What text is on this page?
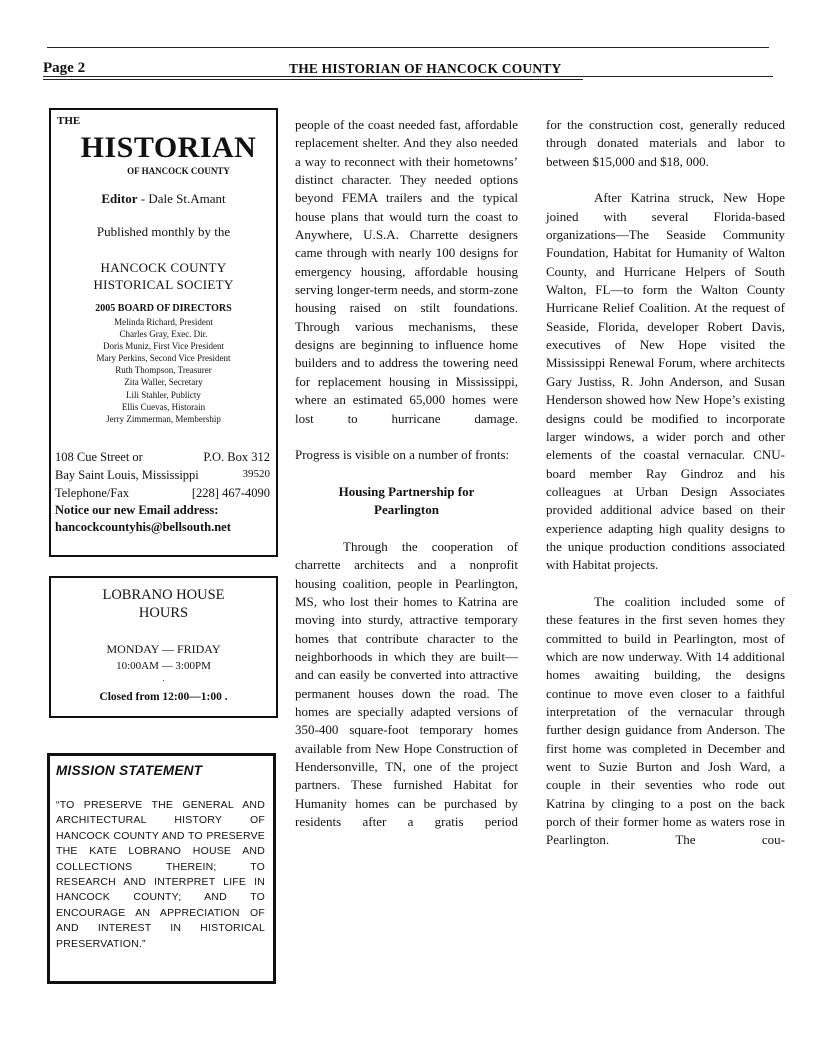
Page 2	THE HISTORIAN OF HANCOCK COUNTY
THE
HISTORIAN
OF HANCOCK COUNTY
Editor - Dale St.Amant
Published monthly by the
HANCOCK COUNTY
HISTORICAL SOCIETY
2005 BOARD OF DIRECTORS
Melinda Richard, President
Charles Gray, Exec. Dir.
Doris Muniz, First Vice President
Mary Perkins, Second Vice President
Ruth Thompson, Treasurer
Zita Waller, Secretary
Lili Stahler, Publicty
Ellis Cuevas, Historain
Jerry Zimmerman, Membership
108 Cue Street or	P.O. Box 312
Bay Saint Louis, Mississippi	39520
Telephone/Fax	[228] 467-4090
Notice our new Email address:
hancockcountyhis@bellsouth.net
LOBRANO HOUSE
HOURS
MONDAY — FRIDAY
10:00AM — 3:00PM
.
Closed from 12:00—1:00 .
MISSION STATEMENT
“TO PRESERVE THE GENERAL AND ARCHITECTURAL HISTORY OF HANCOCK COUNTY AND TO PRESERVE THE KATE LOBRANO HOUSE AND COLLECTIONS THEREIN; TO RESEARCH AND INTERPRET LIFE IN HANCOCK COUNTY; AND TO ENCOURAGE AN APPRECIATION OF AND INTEREST IN HISTORICAL PRESERVATION.”

people of the coast needed fast, affordable replacement shelter. And they also needed a way to reconnect with their hometowns’ distinct character. They needed options beyond FEMA trailers and the typical house plans that would turn the coast to Anywhere, U.S.A. Charrette designers came through with nearly 100 designs for emergency housing, affordable housing serving longer-term needs, and storm-zone housing raised on stilt foundations. Through various mechanisms, these designs are beginning to influence home builders and to address the towering need for replacement housing in Mississippi, where an estimated 65,000 homes were lost to hurricane damage.

Progress is visible on a number of fronts:

Housing Partnership for
Pearlington

Through the cooperation of charrette architects and a nonprofit housing coalition, people in Pearlington, MS, who lost their homes to Katrina are moving into sturdy, attractive temporary homes that contribute character to the neighborhoods in which they are built—and can easily be converted into attractive permanent houses down the road. The homes are specially adapted versions of 350-400 square-foot temporary homes available from New Hope Construction of Hendersonville, TN, one of the project partners. These furnished Habitat for Humanity homes can be purchased by residents after a gratis period

for the construction cost, generally reduced through donated materials and labor to between $15,000 and $18, 000.

After Katrina struck, New Hope joined with several Florida-based organizations—The Seaside Community Foundation, Habitat for Humanity of Walton County, and Hurricane Helpers of South Walton, FL—to form the Walton County Hurricane Relief Coalition. At the request of Seaside, Florida, developer Robert Davis, executives of New Hope visited the Mississippi Renewal Forum, where architects Gary Justiss, R. John Anderson, and Susan Henderson showed how New Hope’s existing designs could be modified to incorporate larger windows, a wider porch and other elements of the coastal vernacular. CNU-board member Ray Gindroz and his colleagues at Urban Design Associates provided additional advice based on their experience adapting high quality designs to the unique production conditions associated with Habitat projects.

The coalition included some of these features in the first seven homes they committed to build in Pearlington, most of which are now underway. With 14 additional homes awaiting building, the designs continue to move even closer to a faithful interpretation of the vernacular through further design guidance from Anderson. The first home was completed in December and went to Suzie Burton and Josh Ward, a couple in their seventies who rode out Katrina by clinging to a post on the back porch of their former home as waters rose in Pearlington. The cou-
